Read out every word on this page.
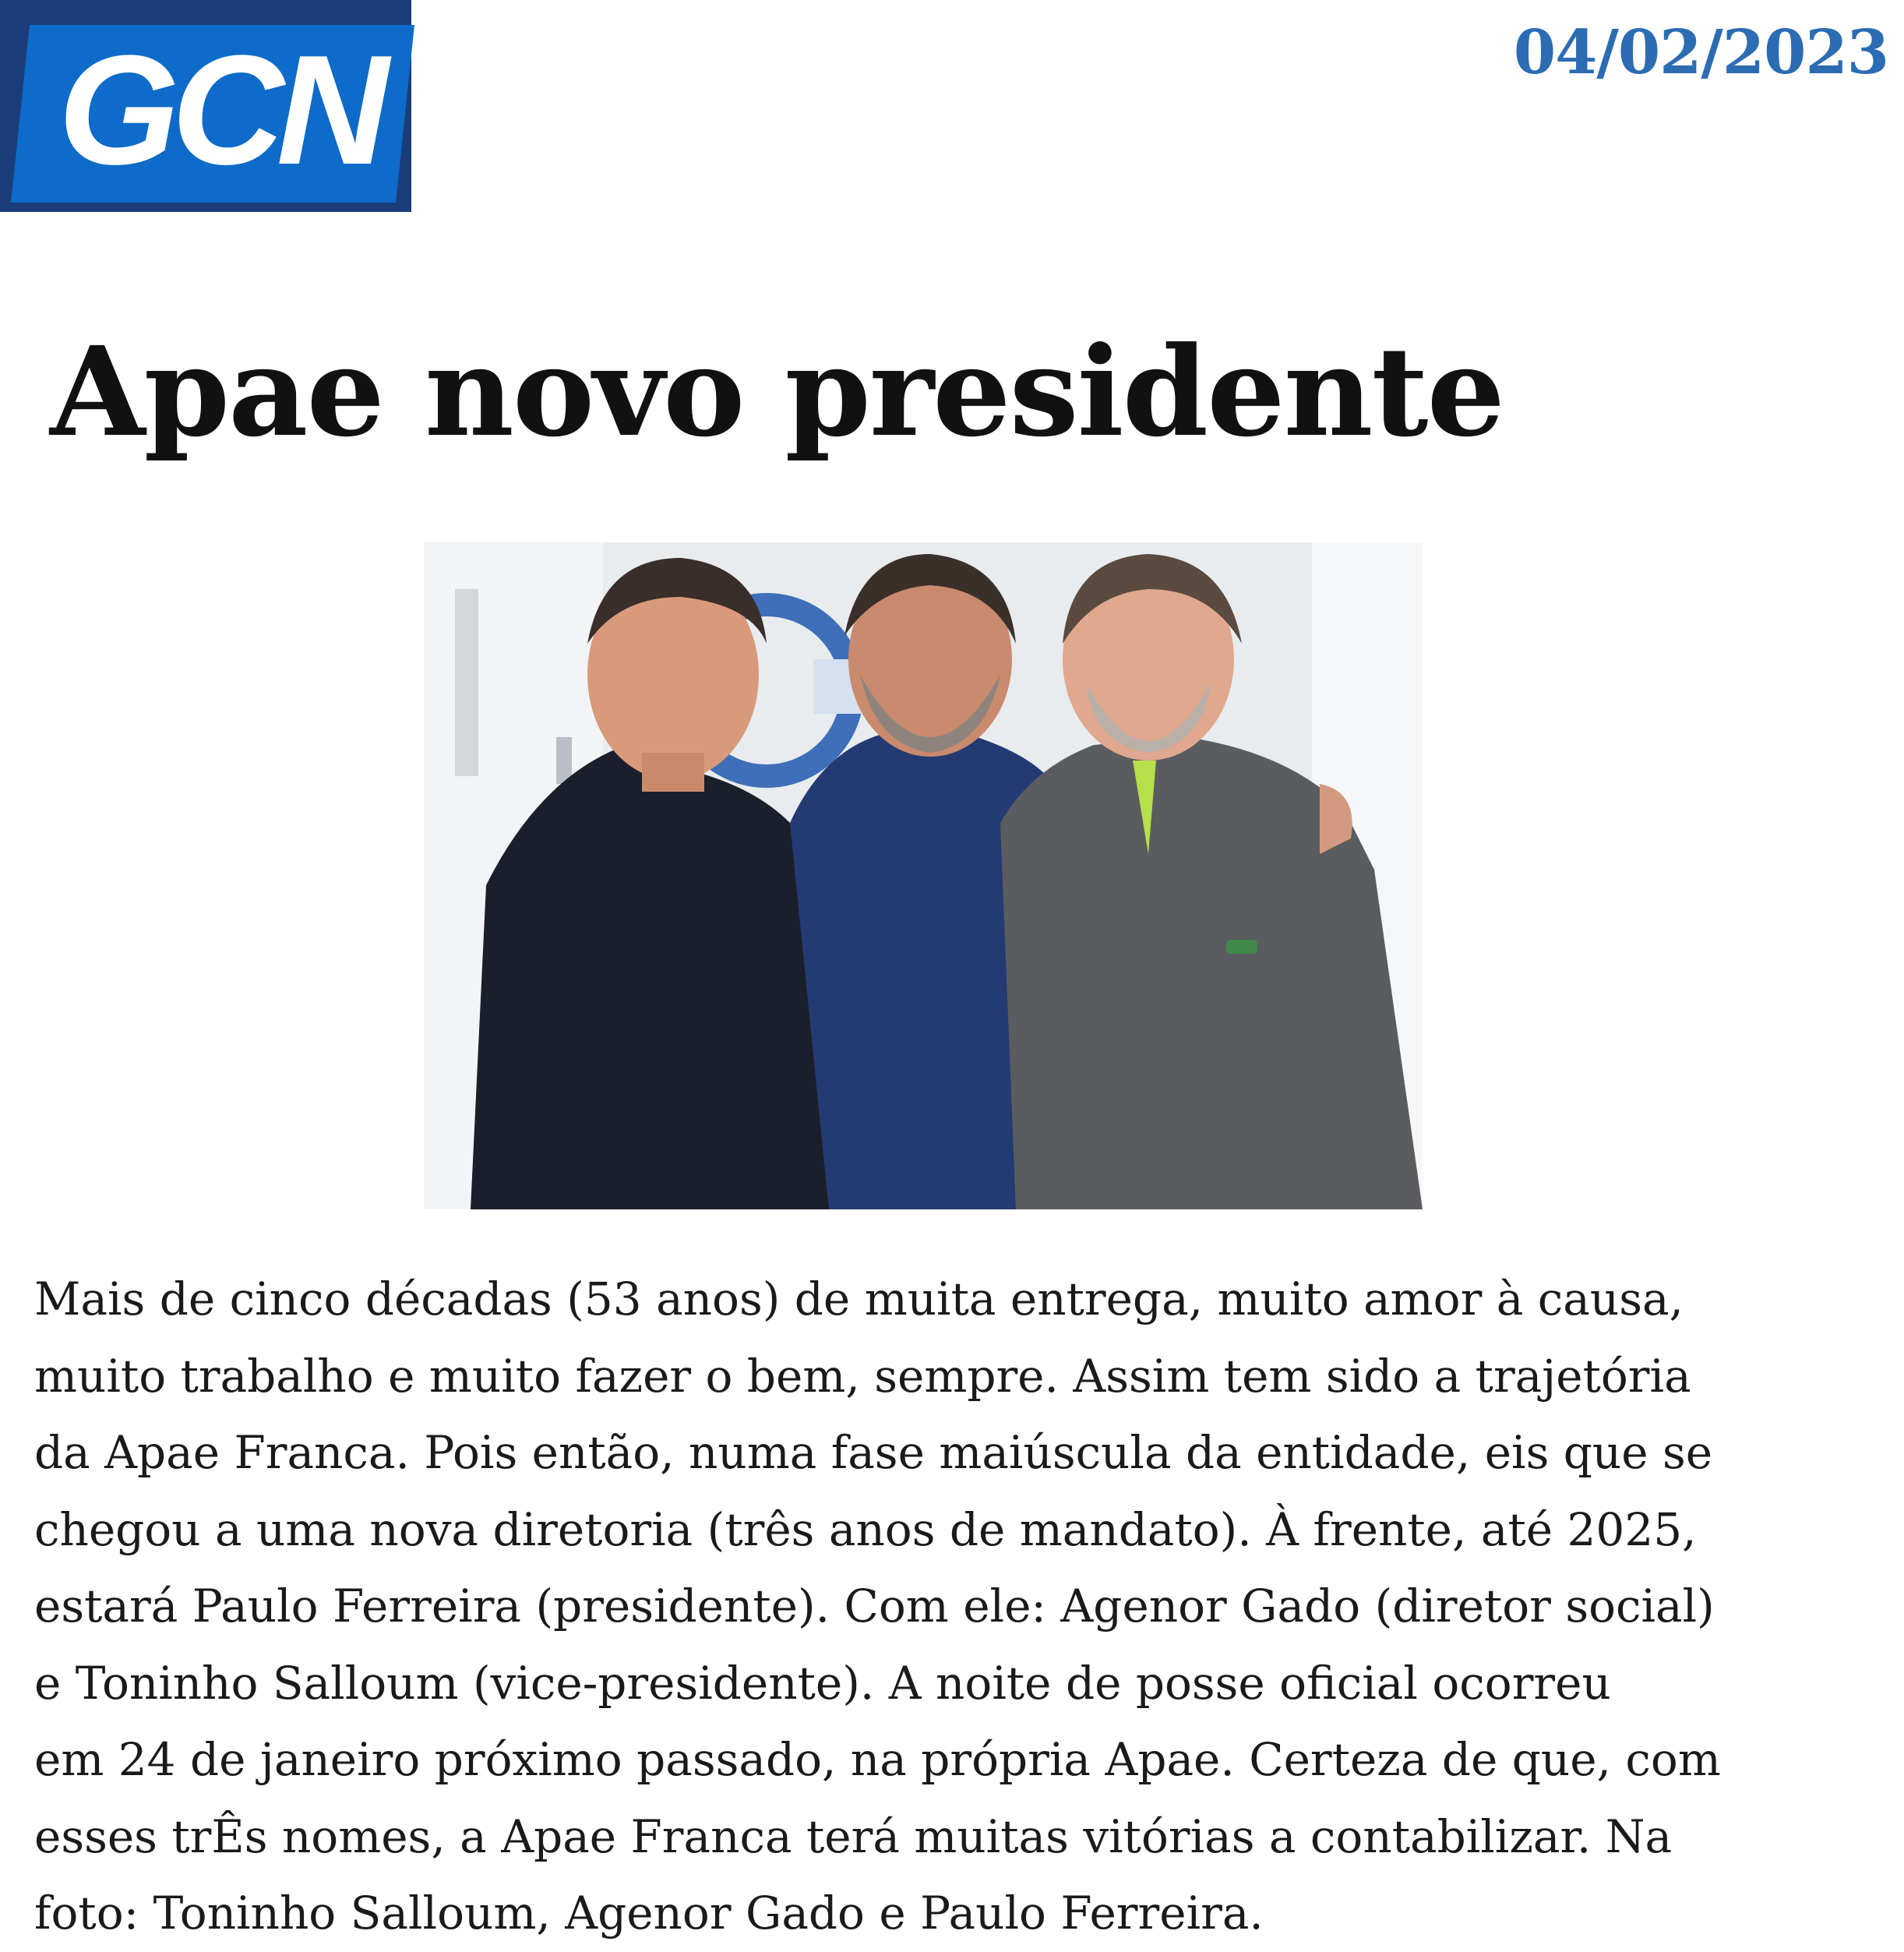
GCN	04/02/2023
Apae novo presidente
Mais de cinco décadas (53 anos) de muita entrega, muito amor à causa,
muito trabalho e muito fazer o bem, sempre. Assim tem sido a trajetória
da Apae Franca. Pois então, numa fase maiúscula da entidade, eis que se
chegou a uma nova diretoria (três anos de mandato). À frente, até 2025,
estará Paulo Ferreira (presidente). Com ele: Agenor Gado (diretor social)
e Toninho Salloum (vice-presidente). A noite de posse oficial ocorreu
em 24 de janeiro próximo passado, na própria Apae. Certeza de que, com
esses trÊs nomes, a Apae Franca terá muitas vitórias a contabilizar. Na
foto: Toninho Salloum, Agenor Gado e Paulo Ferreira.
